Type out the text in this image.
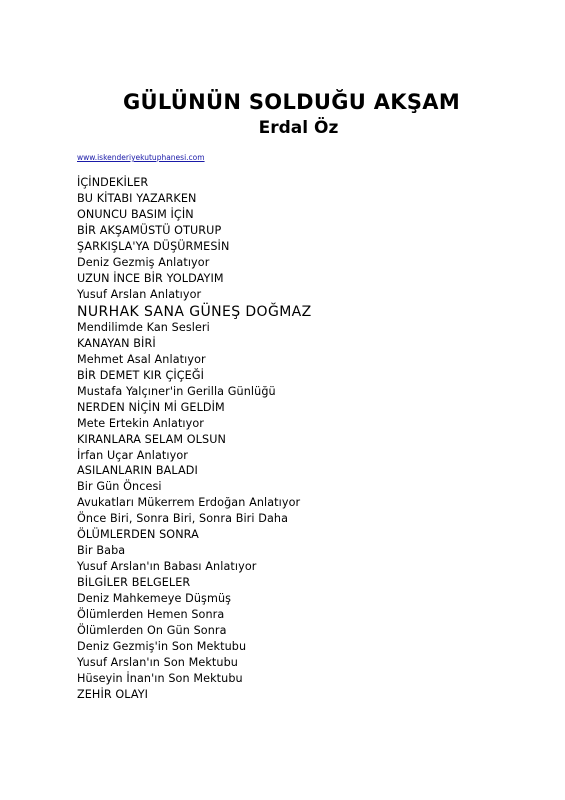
GÜLÜNÜN SOLDUĞU AKŞAM
Erdal Öz
www.iskenderiyekutuphanesi.com
İÇİNDEKİLER
BU KİTABI YAZARKEN
ONUNCU BASIM İÇİN
BİR AKŞAMÜSTÜ OTURUP
ŞARKIŞLA'YA DÜŞÜRMESİN
Deniz Gezmiş Anlatıyor
UZUN İNCE BİR YOLDAYIM
Yusuf Arslan Anlatıyor
NURHAK SANA GÜNEŞ DOĞMAZ
Mendilimde Kan Sesleri
KANAYAN BİRİ
Mehmet Asal Anlatıyor
BİR DEMET KIR ÇİÇEĞİ
Mustafa Yalçıner'in Gerilla Günlüğü
NERDEN NİÇİN Mİ GELDİM
Mete Ertekin Anlatıyor
KIRANLARA SELAM OLSUN
İrfan Uçar Anlatıyor
ASILANLARIN BALADI
Bir Gün Öncesi
Avukatları Mükerrem Erdoğan Anlatıyor
Önce Biri, Sonra Biri, Sonra Biri Daha
ÖLÜMLERDEN SONRA
Bir Baba
Yusuf Arslan'ın Babası Anlatıyor
BİLGİLER BELGELER
Deniz Mahkemeye Düşmüş
Ölümlerden Hemen Sonra
Ölümlerden On Gün Sonra
Deniz Gezmiş'in Son Mektubu
Yusuf Arslan'ın Son Mektubu
Hüseyin İnan'ın Son Mektubu
ZEHİR OLAYI
